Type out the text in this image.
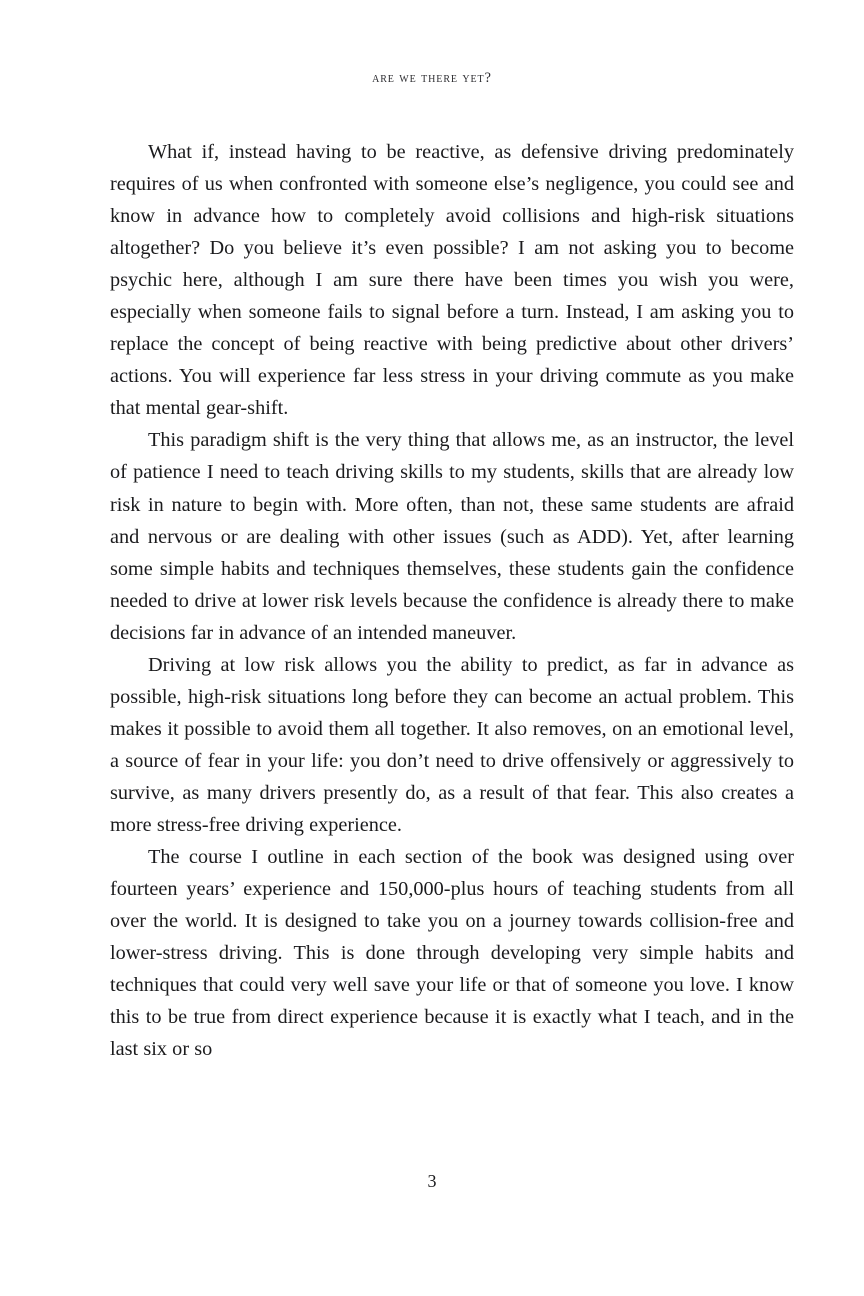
are we there yet?

What if, instead having to be reactive, as defensive driving predominately requires of us when confronted with someone else’s negligence, you could see and know in advance how to completely avoid collisions and high-risk situations altogether? Do you believe it’s even possible? I am not asking you to become psychic here, although I am sure there have been times you wish you were, especially when someone fails to signal before a turn. Instead, I am asking you to replace the concept of being reactive with being predictive about other drivers’ actions. You will experience far less stress in your driving commute as you make that mental gear-shift.

This paradigm shift is the very thing that allows me, as an instructor, the level of patience I need to teach driving skills to my students, skills that are already low risk in nature to begin with. More often, than not, these same students are afraid and nervous or are dealing with other issues (such as ADD). Yet, after learning some simple habits and techniques themselves, these students gain the confidence needed to drive at lower risk levels because the confidence is already there to make decisions far in advance of an intended maneuver.

Driving at low risk allows you the ability to predict, as far in advance as possible, high-risk situations long before they can become an actual problem. This makes it possible to avoid them all together. It also removes, on an emotional level, a source of fear in your life: you don’t need to drive offensively or aggressively to survive, as many drivers presently do, as a result of that fear. This also creates a more stress-free driving experience.

The course I outline in each section of the book was designed using over fourteen years’ experience and 150,000-plus hours of teaching students from all over the world. It is designed to take you on a journey towards collision-free and lower-stress driving. This is done through developing very simple habits and techniques that could very well save your life or that of someone you love. I know this to be true from direct experience because it is exactly what I teach, and in the last six or so

3
